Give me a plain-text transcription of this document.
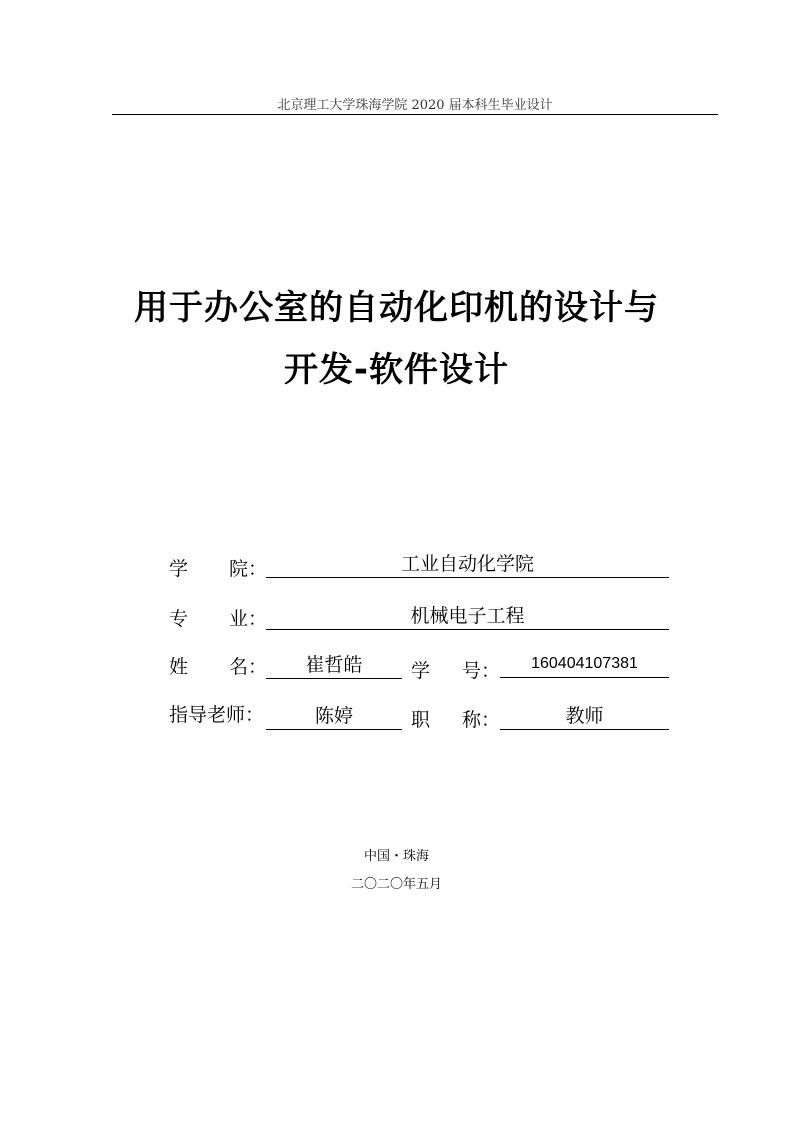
北京理工大学珠海学院 2020 届本科生毕业设计
用于办公室的自动化印机的设计与
开发-软件设计
学 院：	工业自动化学院
专 业：	机械电子工程
姓 名：	崔哲皓	学 号：	160404107381
指导老师：	陈婷	职 称：	教师
中国・珠海
二〇二〇年五月
